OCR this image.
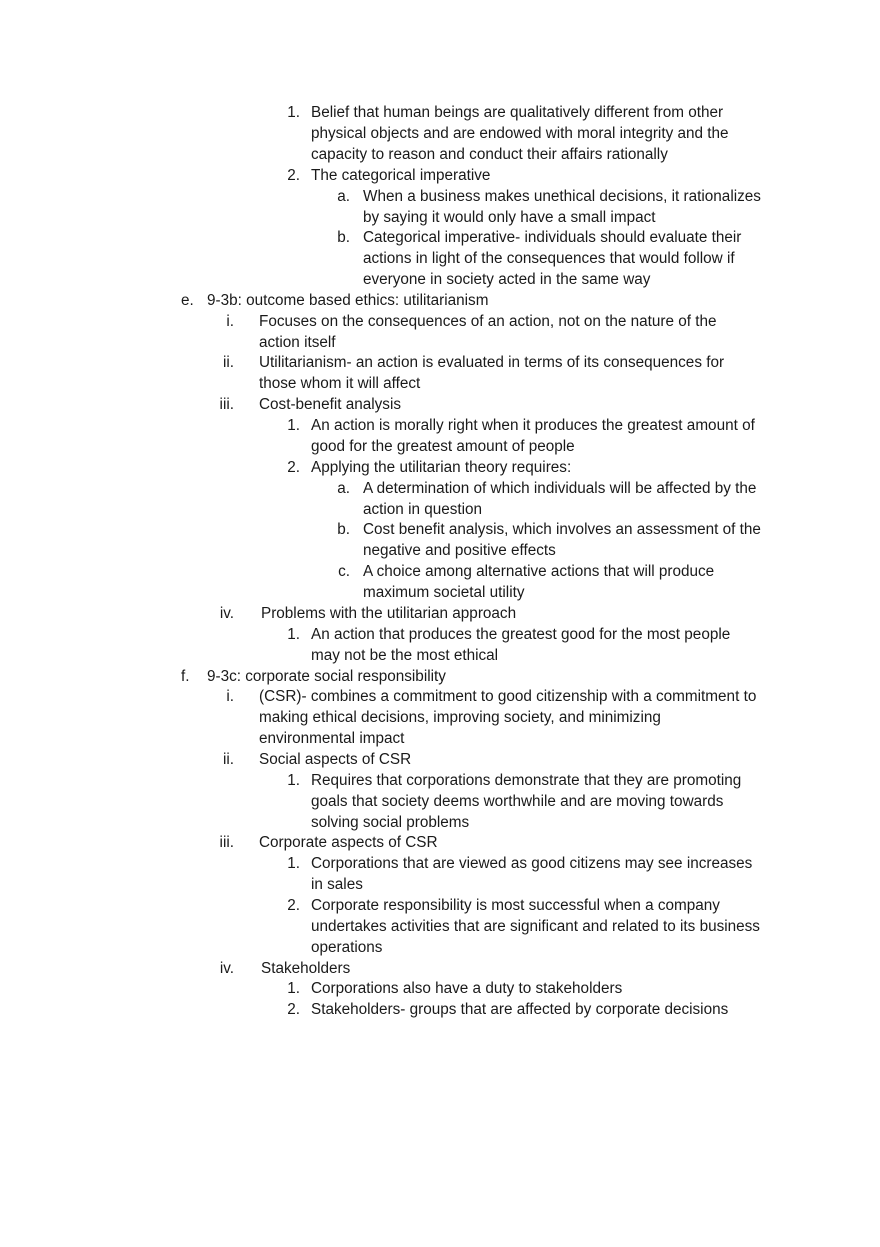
1. Belief that human beings are qualitatively different from other
physical objects and are endowed with moral integrity and the
capacity to reason and conduct their affairs rationally
2. The categorical imperative
a. When a business makes unethical decisions, it rationalizes
by saying it would only have a small impact
b. Categorical imperative- individuals should evaluate their
actions in light of the consequences that would follow if
everyone in society acted in the same way
e. 9-3b: outcome based ethics: utilitarianism
i. Focuses on the consequences of an action, not on the nature of the
action itself
ii. Utilitarianism- an action is evaluated in terms of its consequences for
those whom it will affect
iii. Cost-benefit analysis
1. An action is morally right when it produces the greatest amount of
good for the greatest amount of people
2. Applying the utilitarian theory requires:
a. A determination of which individuals will be affected by the
action in question
b. Cost benefit analysis, which involves an assessment of the
negative and positive effects
c. A choice among alternative actions that will produce
maximum societal utility
iv. Problems with the utilitarian approach
1. An action that produces the greatest good for the most people
may not be the most ethical
f. 9-3c: corporate social responsibility
i. (CSR)- combines a commitment to good citizenship with a commitment to
making ethical decisions, improving society, and minimizing
environmental impact
ii. Social aspects of CSR
1. Requires that corporations demonstrate that they are promoting
goals that society deems worthwhile and are moving towards
solving social problems
iii. Corporate aspects of CSR
1. Corporations that are viewed as good citizens may see increases
in sales
2. Corporate responsibility is most successful when a company
undertakes activities that are significant and related to its business
operations
iv. Stakeholders
1. Corporations also have a duty to stakeholders
2. Stakeholders- groups that are affected by corporate decisions
